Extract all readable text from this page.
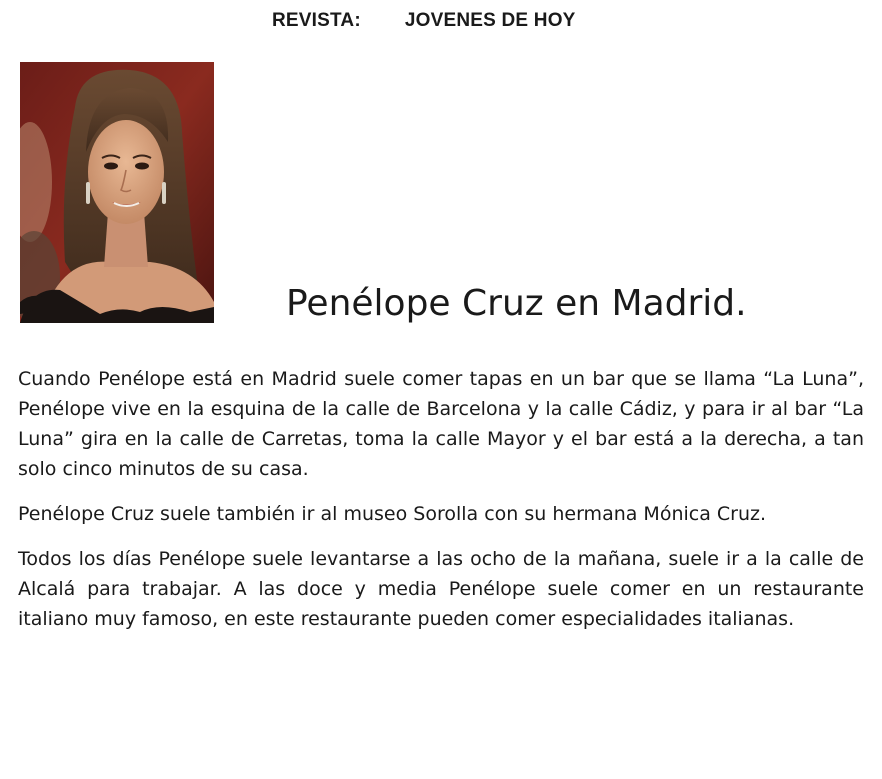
REVISTA: JOVENES DE HOY
Penélope Cruz en Madrid.

Cuando Penélope está en Madrid suele comer tapas en un bar que se llama “La Luna”, Penélope vive en la esquina de la calle de Barcelona y la calle Cádiz, y para ir al bar “La Luna” gira en la calle de Carretas, toma la calle Mayor y el bar está a la derecha, a tan solo cinco minutos de su casa.

Penélope Cruz suele también ir al museo Sorolla con su hermana Mónica Cruz.

Todos los días Penélope suele levantarse a las ocho de la mañana, suele ir a la calle de Alcalá para trabajar. A las doce y media Penélope suele comer en un restaurante italiano muy famoso, en este restaurante pueden comer especialidades italianas.
